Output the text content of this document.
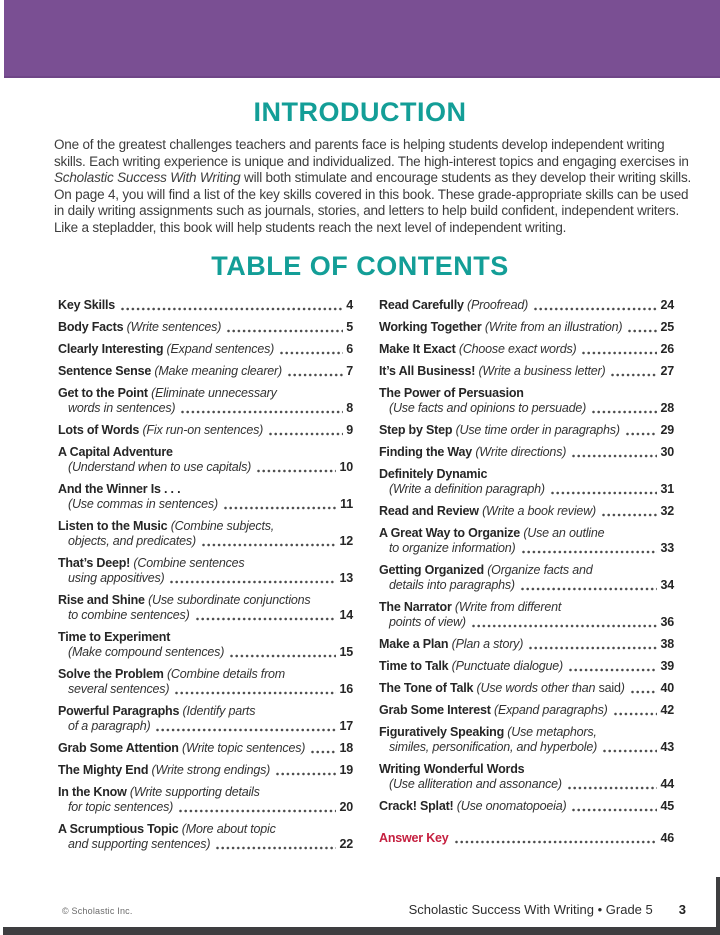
INTRODUCTION

One of the greatest challenges teachers and parents face is helping students develop independent writing skills. Each writing experience is unique and individualized. The high-interest topics and engaging exercises in Scholastic Success With Writing will both stimulate and encourage students as they develop their writing skills. On page 4, you will find a list of the key skills covered in this book. These grade-appropriate skills can be used in daily writing assignments such as journals, stories, and letters to help build confident, independent writers. Like a stepladder, this book will help students reach the next level of independent writing.

TABLE OF CONTENTS
Key Skills	4
Body Facts (Write sentences)	5
Clearly Interesting (Expand sentences)	6
Sentence Sense (Make meaning clearer)	7
Get to the Point (Eliminate unnecessary
words in sentences)	8
Lots of Words (Fix run-on sentences)	9
A Capital Adventure
(Understand when to use capitals)	10
And the Winner Is . . .
(Use commas in sentences)	11
Listen to the Music (Combine subjects,
objects, and predicates)	12
That’s Deep! (Combine sentences
using appositives)	13
Rise and Shine (Use subordinate conjunctions
to combine sentences)	14
Time to Experiment
(Make compound sentences)	15
Solve the Problem (Combine details from
several sentences)	16
Powerful Paragraphs (Identify parts
of a paragraph)	17
Grab Some Attention (Write topic sentences)	18
The Mighty End (Write strong endings)	19
In the Know (Write supporting details
for topic sentences)	20
A Scrumptious Topic (More about topic
and supporting sentences)	22
Read Carefully (Proofread)	24
Working Together (Write from an illustration)	25
Make It Exact (Choose exact words)	26
It’s All Business! (Write a business letter)	27
The Power of Persuasion
(Use facts and opinions to persuade)	28
Step by Step (Use time order in paragraphs)	29
Finding the Way (Write directions)	30
Definitely Dynamic
(Write a definition paragraph)	31
Read and Review (Write a book review)	32
A Great Way to Organize (Use an outline
to organize information)	33
Getting Organized (Organize facts and
details into paragraphs)	34
The Narrator (Write from different
points of view)	36
Make a Plan (Plan a story)	38
Time to Talk (Punctuate dialogue)	39
The Tone of Talk (Use words other than said)	40
Grab Some Interest (Expand paragraphs)	42
Figuratively Speaking (Use metaphors,
similes, personification, and hyperbole)	43
Writing Wonderful Words
(Use alliteration and assonance)	44
Crack! Splat! (Use onomatopoeia)	45
Answer Key	46
© Scholastic Inc.	Scholastic Success With Writing • Grade 5 3
